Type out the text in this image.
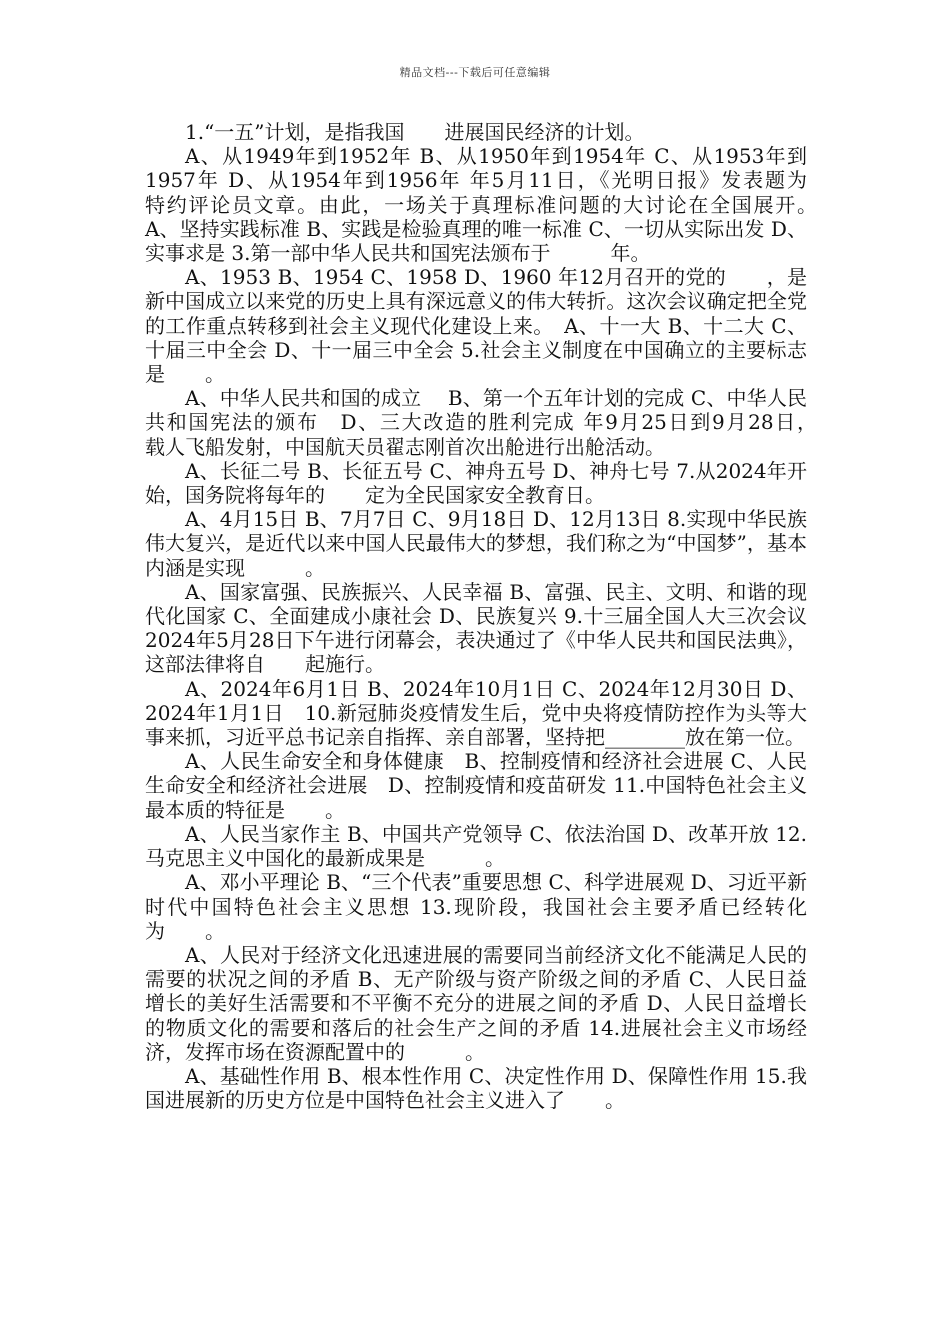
精品文档---下载后可任意编辑

1.“一五”计划，是指我国　　进展国民经济的计划。

A、从1949年到1952年 B、从1950年到1954年 C、从1953年到1957年 D、从1954年到1956年 年5月11日，《光明日报》发表题为　　特约评论员文章。由此，一场关于真理标准问题的大讨论在全国展开。　　A、坚持实践标准 B、实践是检验真理的唯一标准 C、一切从实际出发 D、实事求是 3.第一部中华人民共和国宪法颁布于　　　年。

A、1953 B、1954 C、1958 D、1960 年12月召开的党的　　，是新中国成立以来党的历史上具有深远意义的伟大转折。这次会议确定把全党的工作重点转移到社会主义现代化建设上来。　A、十一大 B、十二大 C、十届三中全会 D、十一届三中全会 5.社会主义制度在中国确立的主要标志是　　。

A、中华人民共和国的成立　 B、第一个五年计划的完成 C、中华人民共和国宪法的颁布　D、三大改造的胜利完成 年9月25日到9月28日，　　载人飞船发射，中国航天员翟志刚首次出舱进行出舱活动。

A、长征二号 B、长征五号 C、神舟五号 D、神舟七号 7.从2024年开始，国务院将每年的　　定为全民国家安全教育日。

A、4月15日 B、7月7日 C、9月18日 D、12月13日 8.实现中华民族伟大复兴，是近代以来中国人民最伟大的梦想，我们称之为“中国梦”，基本内涵是实现　　　。

A、国家富强、民族振兴、人民幸福 B、富强、民主、文明、和谐的现代化国家 C、全面建成小康社会 D、民族复兴 9.十三届全国人大三次会议2024年5月28日下午进行闭幕会，表决通过了《中华人民共和国民法典》，这部法律将自　　起施行。

A、2024年6月1日 B、2024年10月1日 C、2024年12月30日 D、2024年1月1日　10.新冠肺炎疫情发生后，党中央将疫情防控作为头等大事来抓，习近平总书记亲自指挥、亲自部署，坚持把________放在第一位。

A、人民生命安全和身体健康　B、控制疫情和经济社会进展 C、人民生命安全和经济社会进展　D、控制疫情和疫苗研发 11.中国特色社会主义最本质的特征是　　。

A、人民当家作主 B、中国共产党领导 C、依法治国 D、改革开放 12.马克思主义中国化的最新成果是　　　。

A、邓小平理论 B、“三个代表”重要思想 C、科学进展观 D、习近平新时代中国特色社会主义思想 13.现阶段，我国社会主要矛盾已经转化为　　。

A、人民对于经济文化迅速进展的需要同当前经济文化不能满足人民的需要的状况之间的矛盾 B、无产阶级与资产阶级之间的矛盾 C、人民日益增长的美好生活需要和不平衡不充分的进展之间的矛盾 D、人民日益增长的物质文化的需要和落后的社会生产之间的矛盾 14.进展社会主义市场经济，发挥市场在资源配置中的　　　。

A、基础性作用 B、根本性作用 C、决定性作用 D、保障性作用 15.我国进展新的历史方位是中国特色社会主义进入了　　。
